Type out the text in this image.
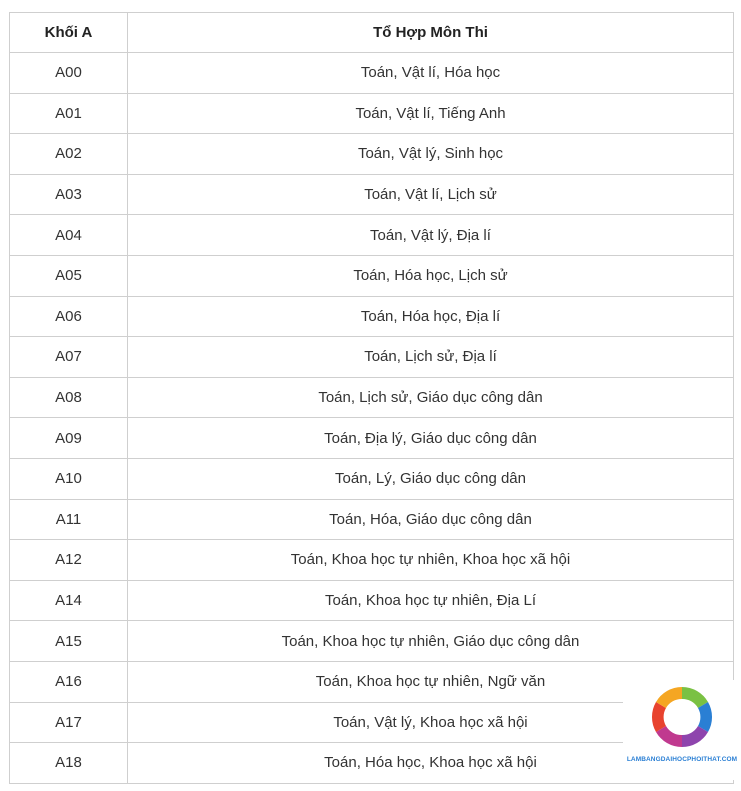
Khối A	Tổ Hợp Môn Thi
A00	Toán, Vật lí, Hóa học
A01	Toán, Vật lí, Tiếng Anh
A02	Toán, Vật lý, Sinh học
A03	Toán, Vật lí, Lịch sử
A04	Toán, Vật lý, Địa lí
A05	Toán, Hóa học, Lịch sử
A06	Toán, Hóa học, Địa lí
A07	Toán, Lịch sử, Địa lí
A08	Toán, Lịch sử, Giáo dục công dân
A09	Toán, Địa lý, Giáo dục công dân
A10	Toán, Lý, Giáo dục công dân
A11	Toán, Hóa, Giáo dục công dân
A12	Toán, Khoa học tự nhiên, Khoa học xã hội
A14	Toán, Khoa học tự nhiên, Địa Lí
A15	Toán, Khoa học tự nhiên, Giáo dục công dân
A16	Toán, Khoa học tự nhiên, Ngữ văn
A17	Toán, Vật lý, Khoa học xã hội
A18	Toán, Hóa học, Khoa học xã hội	LAMBANGDAIHOCPHOITHAT.COM
